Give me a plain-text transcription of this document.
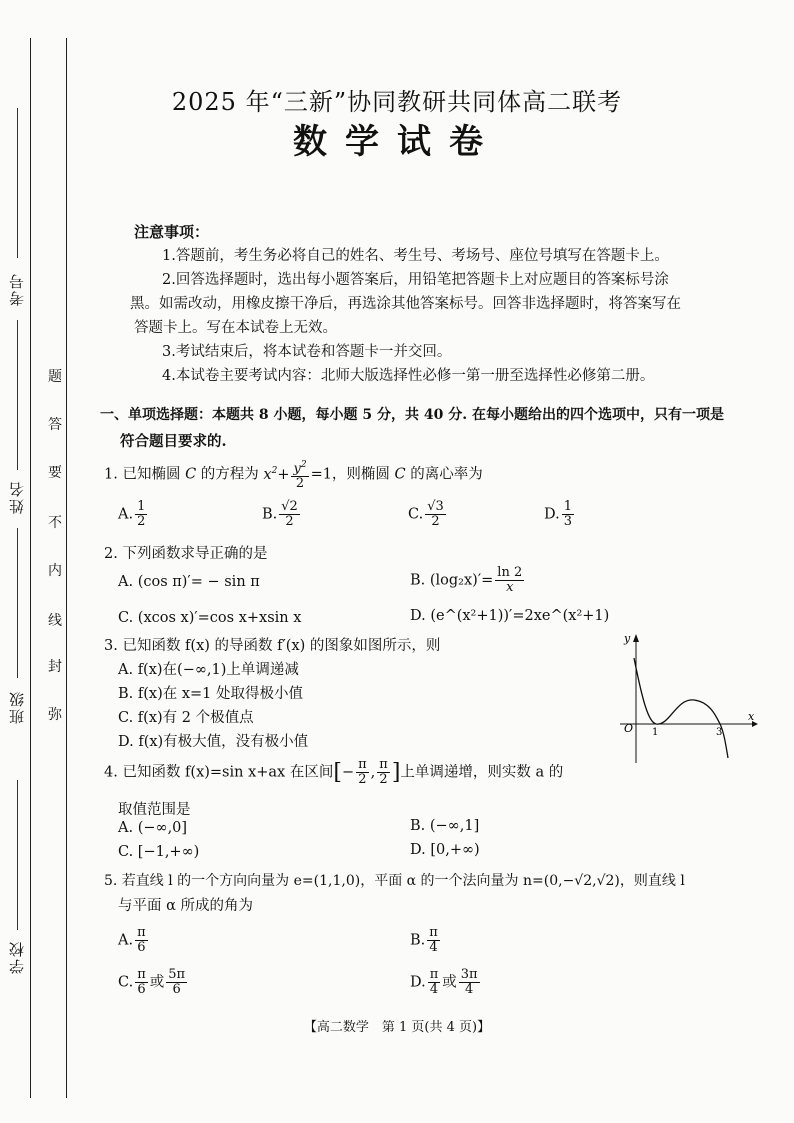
考号
姓名
班级
学校
弥
封
线
内
不
要
答
题
2025 年“三新”协同教研共同体高二联考
数学试卷
注意事项：
1.答题前，考生务必将自己的姓名、考生号、考场号、座位号填写在答题卡上。
2.回答选择题时，选出每小题答案后，用铅笔把答题卡上对应题目的答案标号涂
黑。如需改动，用橡皮擦干净后，再选涂其他答案标号。回答非选择题时，将答案写在
答题卡上。写在本试卷上无效。
3.考试结束后，将本试卷和答题卡一并交回。
4.本试卷主要考试内容：北师大版选择性必修一第一册至选择性必修第二册。
一、单项选择题：本题共 8 小题，每小题 5 分，共 40 分. 在每小题给出的四个选项中，只有一项是
符合题目要求的.
1. 已知椭圆 C 的方程为 $x^2+ \frac{y^2}{2} =1$，则椭圆 C 的离心率为
A. $\frac{1}{2}$	B. $\frac{√2}{2}$	C. $\frac{√3}{2}$	D. $\frac{1}{3}$
2. 下列函数求导正确的是
A. (cos π)′= − sin π	B. $(\log_2x)'= \frac{\ln 2}{x}$
C. (xcos x)′=cos x+xsin x	D. (e^(x²+1))′=2xe^(x²+1)
3. 已知函数 f(x) 的导函数 f′(x) 的图象如图所示，则
A. f(x)在(−∞,1)上单调递减
B. f(x)在 x=1 处取得极小值
C. f(x)有 2 个极值点
D. f(x)有极大值，没有极小值
y
x
O 1	3
4. 已知函数 f(x)=sin x+ax 在区间[− $\frac{\pi}{2}$ , $\frac{\pi}{2}$ ]上单调递增，则实数 a 的
取值范围是
A. (−∞,0]	B. (−∞,1]
C. [−1,+∞)	D. [0,+∞)
5. 若直线 l 的一个方向向量为 e=(1,1,0)，平面 α 的一个法向量为 n=(0,−√2,√2)，则直线 l
与平面 α 所成的角为
A. $\frac{\pi}{6}$	B. $\frac{\pi}{4}$
C. $\frac{\pi}{6}$ 或 $\frac{5\pi}{6}$	D. $\frac{\pi}{4}$ 或 $\frac{3\pi}{4}$
【高二数学　第 1 页(共 4 页)】
